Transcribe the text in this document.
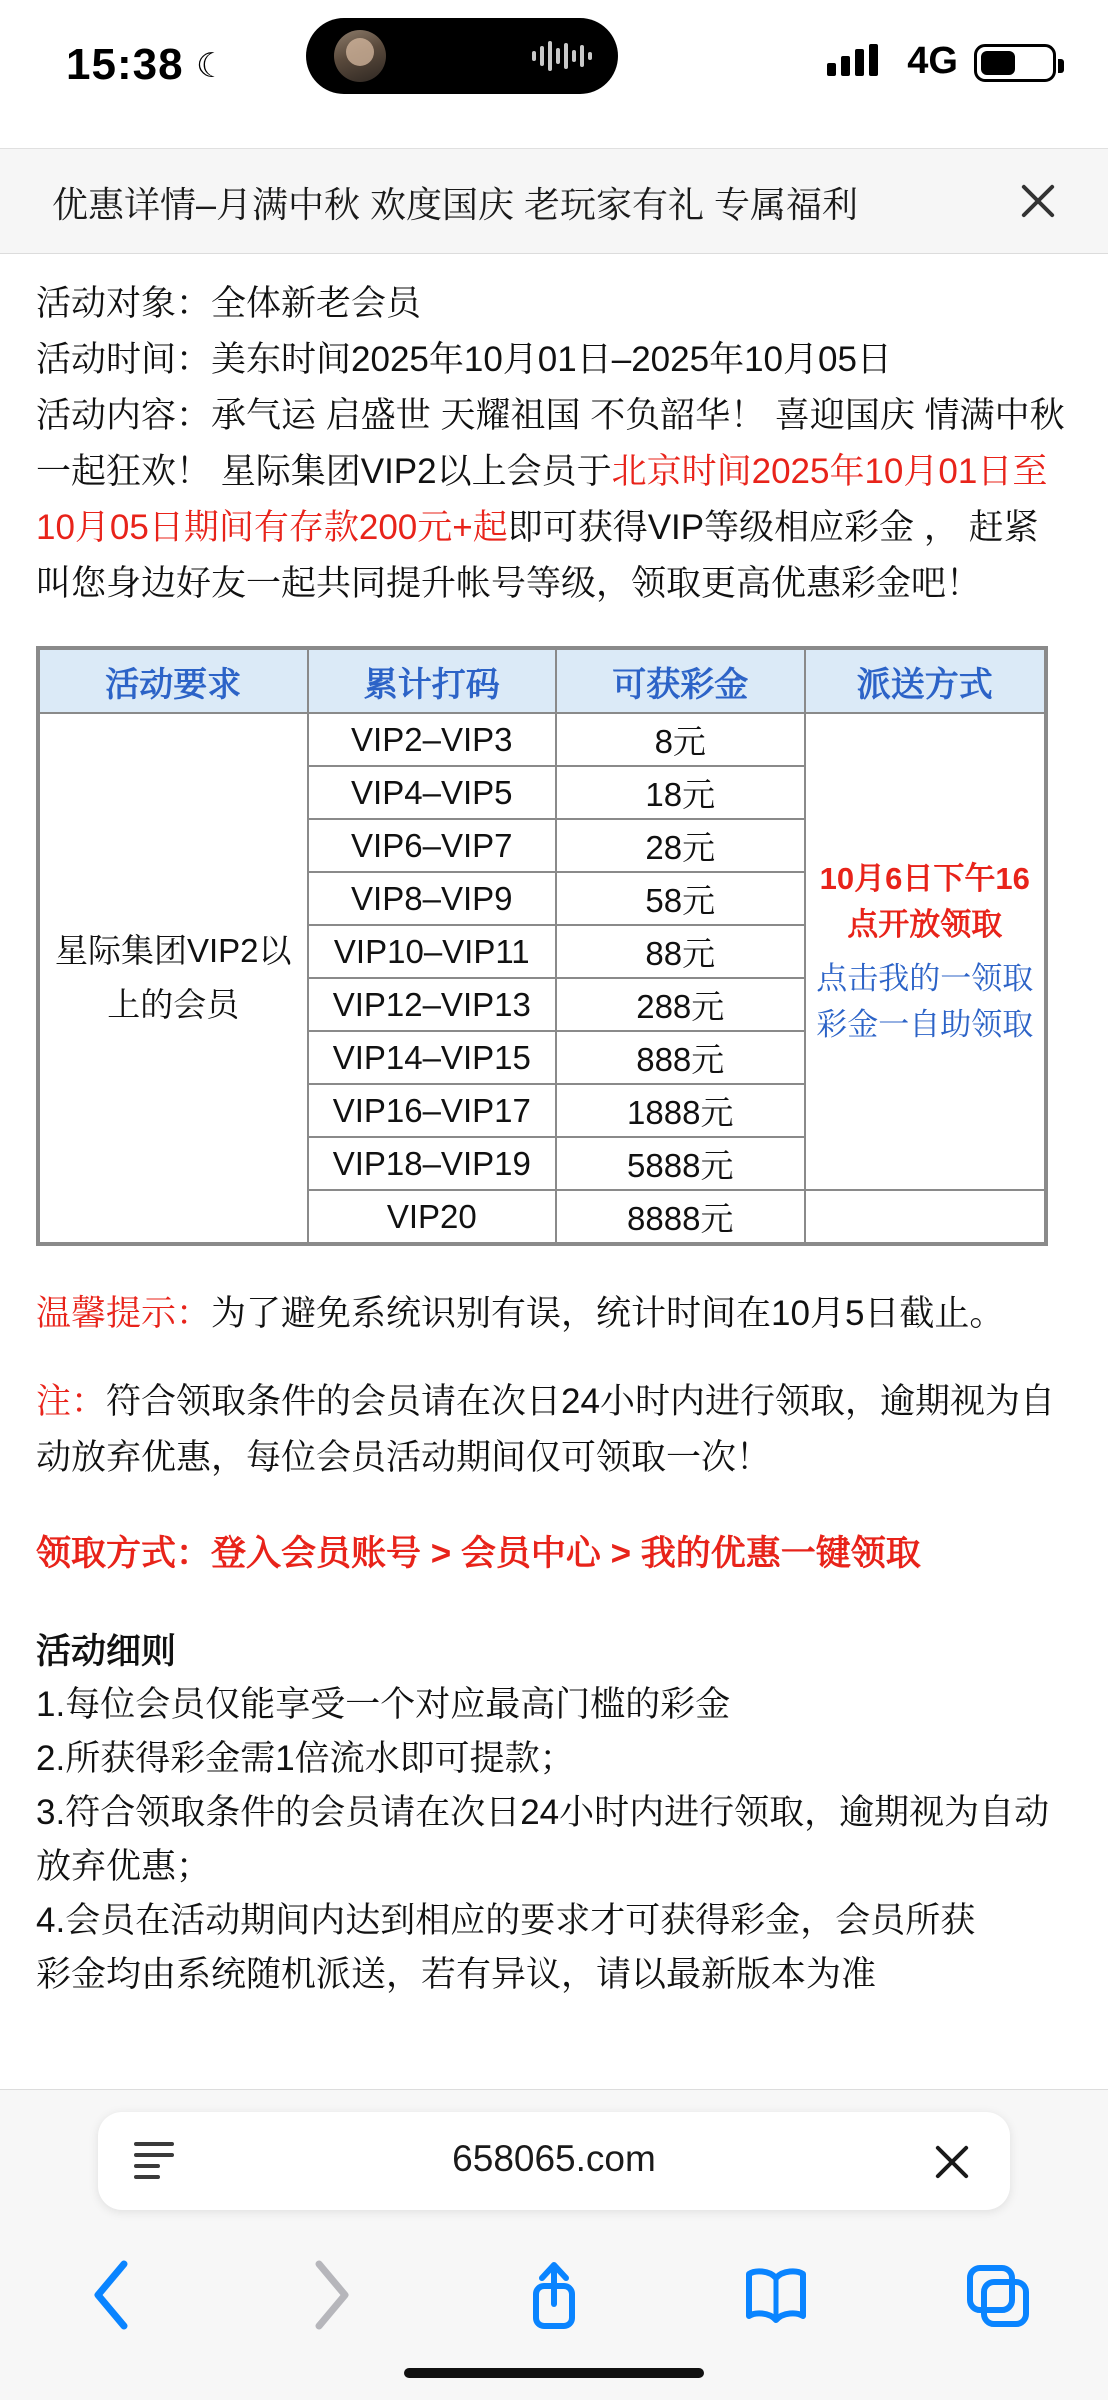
15:38 ☾	4G
优惠详情–月满中秋 欢度国庆 老玩家有礼 专属福利
活动对象：全体新老会员
活动时间：美东时间2025年10月01日–2025年10月05日

活动内容：承气运 启盛世 天耀祖国 不负韶华！ 喜迎国庆 情满中秋 一起狂欢！ 星际集团VIP2以上会员于北京时间2025年10月01日至10月05日期间有存款200元+起即可获得VIP等级相应彩金 ， 赶紧叫您身边好友一起共同提升帐号等级，领取更高优惠彩金吧！

活动要求	累计打码	可获彩金	派送方式
星际集团VIP2以上的会员	VIP2–VIP3	8元	10月6日下午16点开放领取
点击我的一领取彩金一自助领取

	VIP4–VIP5	18元	
	VIP6–VIP7	28元	
	VIP8–VIP9	58元	
	VIP10–VIP11	88元	
	VIP12–VIP13	288元	
	VIP14–VIP15	888元	
	VIP16–VIP17	1888元	
	VIP18–VIP19	5888元	
	VIP20	8888元	
温馨提示：为了避免系统识别有误，统计时间在10月5日截止。
注：符合领取条件的会员请在次日24小时内进行领取，逾期视为自动放弃优惠，每位会员活动期间仅可领取一次！
领取方式：登入会员账号 > 会员中心 > 我的优惠一键领取
活动细则
1.每位会员仅能享受一个对应最高门槛的彩金
2.所获得彩金需1倍流水即可提款；
3.符合领取条件的会员请在次日24小时内进行领取，逾期视为自动放弃优惠；
4.会员在活动期间内达到相应的要求才可获得彩金，会员所获
彩金均由系统随机派送，若有异议，请以最新版本为准
658065.com
